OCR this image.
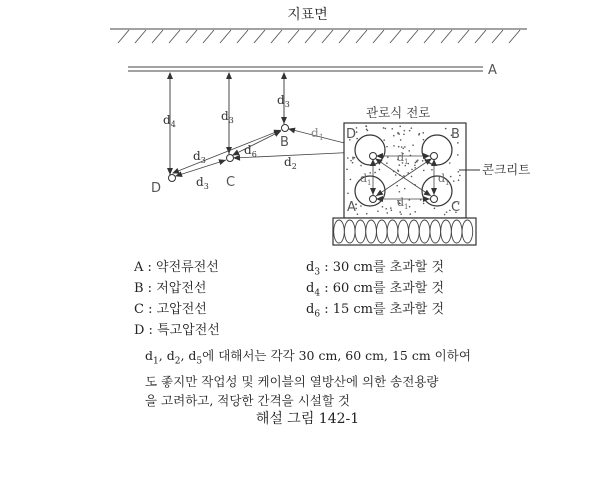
지표면
A
$d_4$
$d_3$
$d_3$
$d_3$
$d_3$
$d_6$
$d_1$
$d_2$
B
C
D
관로식 전로
D	B
A	C
$d_1$
$d_1$
$d_1$	$d_1$
콘크리트
A : 약전류전선
B : 저압전선
C : 고압전선
D : 특고압전선
$d_3$ : 30 cm를 초과할 것
$d_4$ : 60 cm를 초과할 것
$d_6$ : 15 cm를 초과할 것
$d_1$, $d_2$, $d_5$에 대해서는 각각 30 cm, 60 cm, 15 cm 이하여
도 좋지만 작업성 및 케이블의 열방산에 의한 송전용량
을 고려하고, 적당한 간격을 시설할 것
해설 그림 142-1
